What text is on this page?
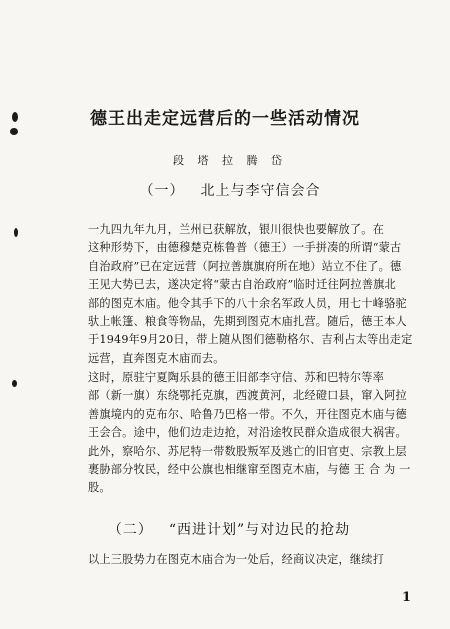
德王出走定远营后的一些活动情况
段 塔 拉 腾 岱
（一） 北上与李守信会合

一九四九年九月，兰州已获解放，银川很快也要解放了。在
这种形势下，由德穆楚克栋鲁普（德王）一手拼凑的所谓“蒙古
自治政府”已在定远营（阿拉善旗旗府所在地）站立不住了。德
王见大势已去，遂决定将“蒙古自治政府”临时迁往阿拉善旗北
部的图克木庙。他令其手下的八十余名军政人员，用七十峰骆驼
驮上帐篷、粮食等物品，先期到图克木庙扎营。随后，德王本人
于1949年9月20日，带上随从图们德勒格尔、吉利占太等出走定
远营，直奔图克木庙而去。

这时，原驻宁夏陶乐县的德王旧部李守信、苏和巴特尔等率
部（新一旗）东绕鄂托克旗，西渡黄河，北经磴口县，窜入阿拉
善旗境内的克布尔、哈鲁乃巴格一带。不久，开往图克木庙与德
王会合。途中，他们边走边抢，对沿途牧民群众造成很大祸害。
此外，察哈尔、苏尼特一带数股叛军及逃亡的旧官吏、宗教上层
裹胁部分牧民，经中公旗也相继窜至图克木庙，与德 王 合 为 一
股。

（二） “西进计划”与对边民的抢劫

以上三股势力在图克木庙合为一处后，经商议决定，继续打

1
